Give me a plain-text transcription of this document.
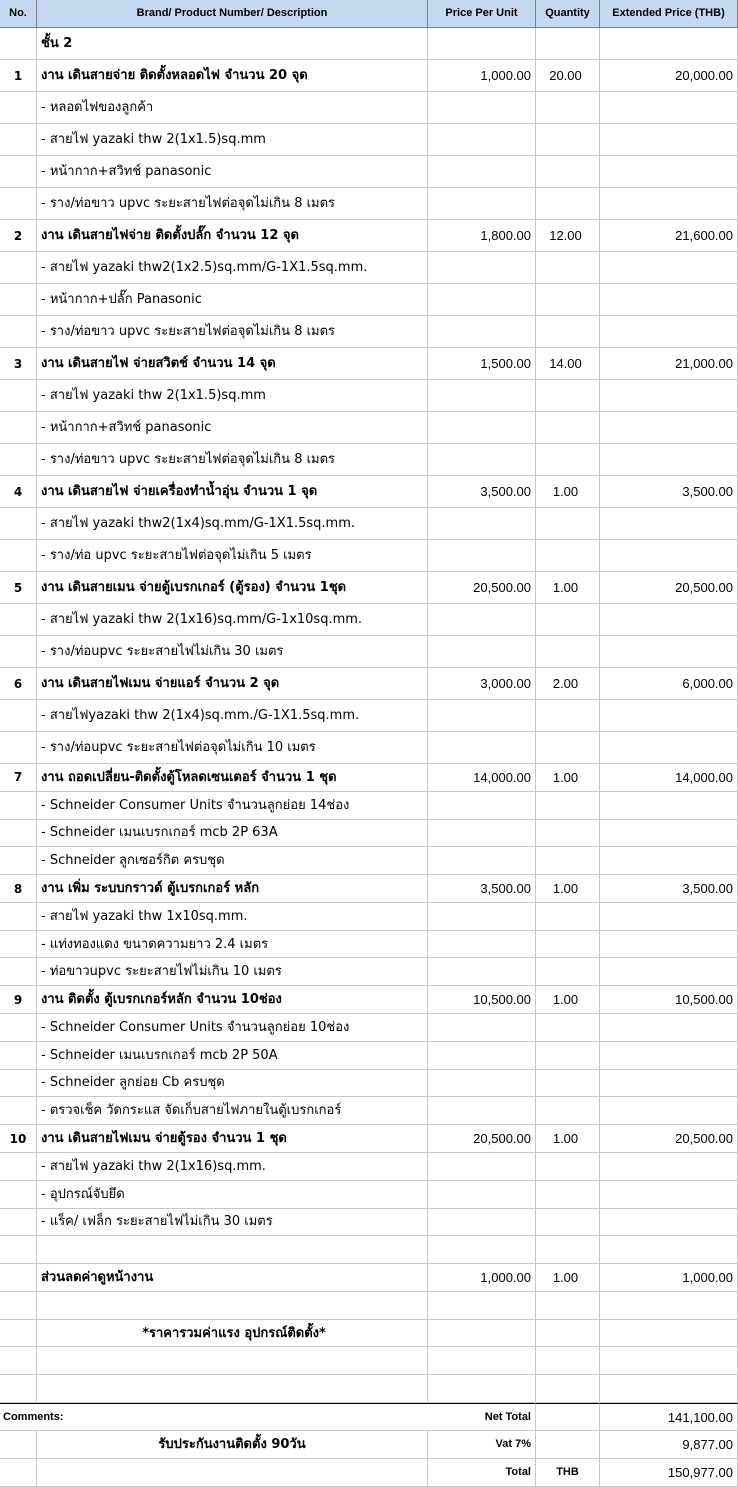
No.	Brand/ Product Number/ Description	Price Per Unit	Quantity	Extended Price (THB)
ชั้น 2
1	งาน เดินสายจ่าย ติดตั้งหลอดไฟ จำนวน 20 จุด	1,000.00	20.00	20,000.00
- หลอดไฟของลูกค้า
- สายไฟ yazaki thw 2(1x1.5)sq.mm
- หน้ากาก+สวิทช์ panasonic
- ราง/ท่อขาว upvc ระยะสายไฟต่อจุดไม่เกิน 8 เมตร
2	งาน เดินสายไฟจ่าย ติดตั้งปลั๊ก จำนวน 12 จุด	1,800.00	12.00	21,600.00
- สายไฟ yazaki thw2(1x2.5)sq.mm/G-1X1.5sq.mm.
- หน้ากาก+ปลั๊ก Panasonic
- ราง/ท่อขาว upvc ระยะสายไฟต่อจุดไม่เกิน 8 เมตร
3	งาน เดินสายไฟ จ่ายสวิตช์ จำนวน 14 จุด	1,500.00	14.00	21,000.00
- สายไฟ yazaki thw 2(1x1.5)sq.mm
- หน้ากาก+สวิทช์ panasonic
- ราง/ท่อขาว upvc ระยะสายไฟต่อจุดไม่เกิน 8 เมตร
4	งาน เดินสายไฟ จ่ายเครื่องทำน้ำอุ่น จำนวน 1 จุด	3,500.00	1.00	3,500.00
- สายไฟ yazaki thw2(1x4)sq.mm/G-1X1.5sq.mm.
- ราง/ท่อ upvc ระยะสายไฟต่อจุดไม่เกิน 5 เมตร
5	งาน เดินสายเมน จ่ายตู้เบรกเกอร์ (ตู้รอง) จำนวน 1ชุด	20,500.00	1.00	20,500.00
- สายไฟ yazaki thw 2(1x16)sq.mm/G-1x10sq.mm.
- ราง/ท่อupvc ระยะสายไฟไม่เกิน 30 เมตร
6	งาน เดินสายไฟเมน จ่ายแอร์ จำนวน 2 จุด	3,000.00	2.00	6,000.00
- สายไฟyazaki thw 2(1x4)sq.mm./G-1X1.5sq.mm.
- ราง/ท่อupvc ระยะสายไฟต่อจุดไม่เกิน 10 เมตร
7	งาน ถอดเปลี่ยน-ติดตั้งตู้โหลดเซนเตอร์ จำนวน 1 ชุด	14,000.00	1.00	14,000.00
- Schneider Consumer Units จำนวนลูกย่อย 14ช่อง
- Schneider เมนเบรกเกอร์ mcb 2P 63A
- Schneider ลูกเซอร์กิต ครบชุด
8	งาน เพิ่ม ระบบกราวด์ ตู้เบรกเกอร์ หลัก	3,500.00	1.00	3,500.00
- สายไฟ yazaki thw 1x10sq.mm.
- แท่งทองแดง ขนาดความยาว 2.4 เมตร
- ท่อขาวupvc ระยะสายไฟไม่เกิน 10 เมตร
9	งาน ติดตั้ง ตู้เบรกเกอร์หลัก จำนวน 10ช่อง	10,500.00	1.00	10,500.00
- Schneider Consumer Units จำนวนลูกย่อย 10ช่อง
- Schneider เมนเบรกเกอร์ mcb 2P 50A
- Schneider ลูกย่อย Cb ครบชุด
- ตรวจเช็ค วัดกระแส จัดเก็บสายไฟภายในตู้เบรกเกอร์
10	งาน เดินสายไฟเมน จ่ายตู้รอง จำนวน 1 ชุด	20,500.00	1.00	20,500.00
- สายไฟ yazaki thw 2(1x16)sq.mm.
- อุปกรณ์จับยึด
- แร็ค/ เฟล็ก ระยะสายไฟไม่เกิน 30 เมตร
ส่วนลดค่าดูหน้างาน	1,000.00	1.00	1,000.00
*ราคารวมค่าแรง อุปกรณ์ติดตั้ง*
Comments:	Net Total	141,100.00
รับประกันงานติดตั้ง 90วัน	Vat 7%	9,877.00
Total	THB	150,977.00
